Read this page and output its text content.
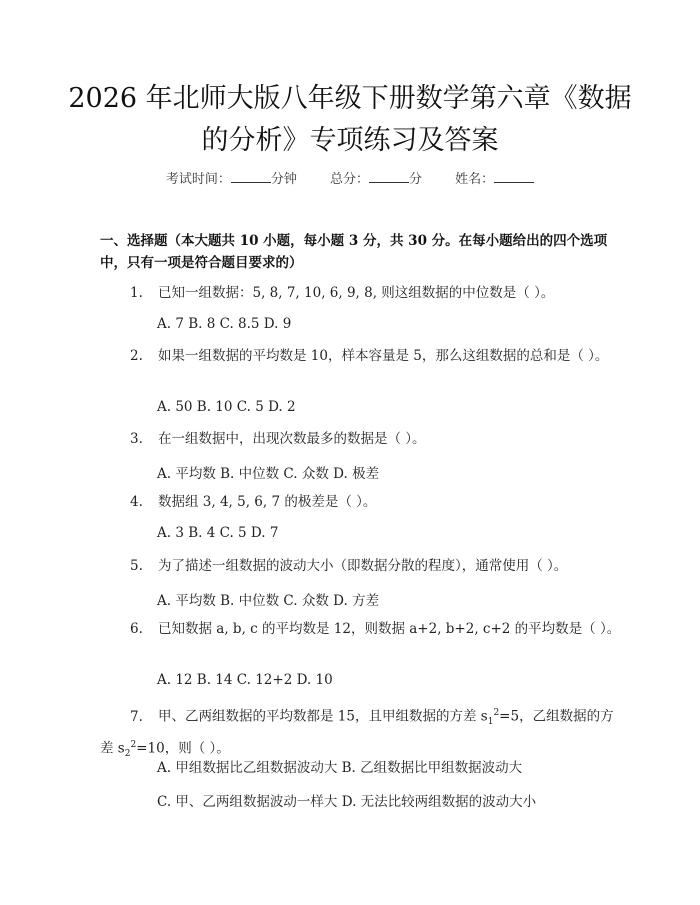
2026 年北师大版八年级下册数学第六章《数据的分析》专项练习及答案
考试时间：	分钟	总分：	分	姓名：
一、选择题（本大题共 10 小题，每小题 3 分，共 30 分。在每小题给出的四个选项中，只有一项是符合题目要求的）
1. 已知一组数据：5, 8, 7, 10, 6, 9, 8, 则这组数据的中位数是（ ）。
A. 7 B. 8 C. 8.5 D. 9
2. 如果一组数据的平均数是 10，样本容量是 5，那么这组数据的总和是（ ）。
A. 50 B. 10 C. 5 D. 2
3. 在一组数据中，出现次数最多的数据是（ ）。
A. 平均数 B. 中位数 C. 众数 D. 极差
4. 数据组 3, 4, 5, 6, 7 的极差是（ ）。
A. 3 B. 4 C. 5 D. 7
5. 为了描述一组数据的波动大小（即数据分散的程度），通常使用（ ）。
A. 平均数 B. 中位数 C. 众数 D. 方差
6. 已知数据 a, b, c 的平均数是 12，则数据 a+2, b+2, c+2 的平均数是（ ）。
A. 12 B. 14 C. 12+2 D. 10
7. 甲、乙两组数据的平均数都是 15，且甲组数据的方差 $s_1^2=5$，乙组数据的方差 $s_2^2=10$，则（ ）。
A. 甲组数据比乙组数据波动大 B. 乙组数据比甲组数据波动大
C. 甲、乙两组数据波动一样大 D. 无法比较两组数据的波动大小
